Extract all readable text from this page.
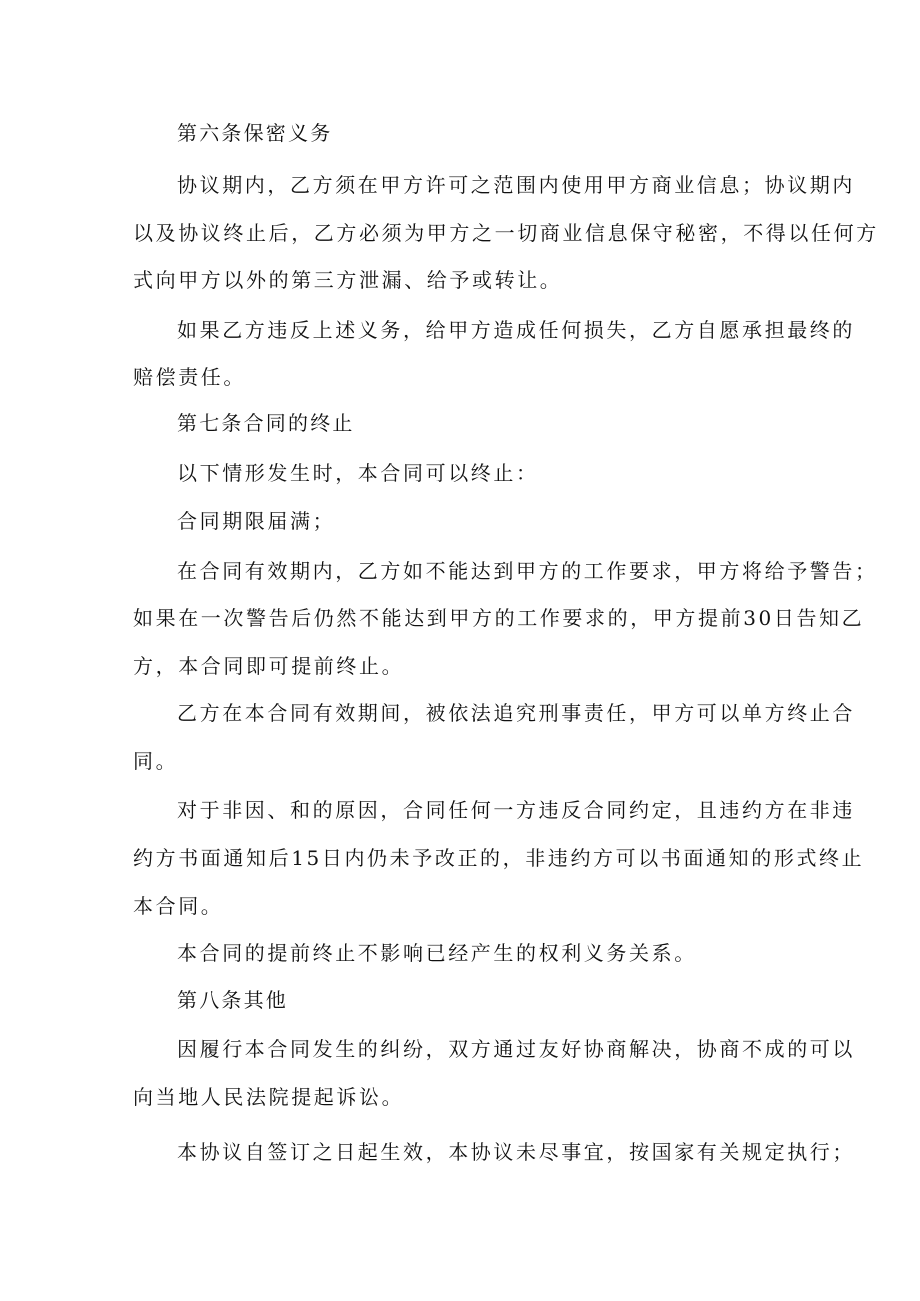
第六条保密义务
协议期内，乙方须在甲方许可之范围内使用甲方商业信息；协议期内
以及协议终止后，乙方必须为甲方之一切商业信息保守秘密，不得以任何方
式向甲方以外的第三方泄漏、给予或转让。
如果乙方违反上述义务，给甲方造成任何损失，乙方自愿承担最终的
赔偿责任。
第七条合同的终止
以下情形发生时，本合同可以终止：
合同期限届满；
在合同有效期内，乙方如不能达到甲方的工作要求，甲方将给予警告；
如果在一次警告后仍然不能达到甲方的工作要求的，甲方提前30日告知乙
方，本合同即可提前终止。
乙方在本合同有效期间，被依法追究刑事责任，甲方可以单方终止合
同。
对于非因、和的原因，合同任何一方违反合同约定，且违约方在非违
约方书面通知后15日内仍未予改正的，非违约方可以书面通知的形式终止
本合同。
本合同的提前终止不影响已经产生的权利义务关系。
第八条其他
因履行本合同发生的纠纷，双方通过友好协商解决，协商不成的可以
向当地人民法院提起诉讼。
本协议自签订之日起生效，本协议未尽事宜，按国家有关规定执行；
